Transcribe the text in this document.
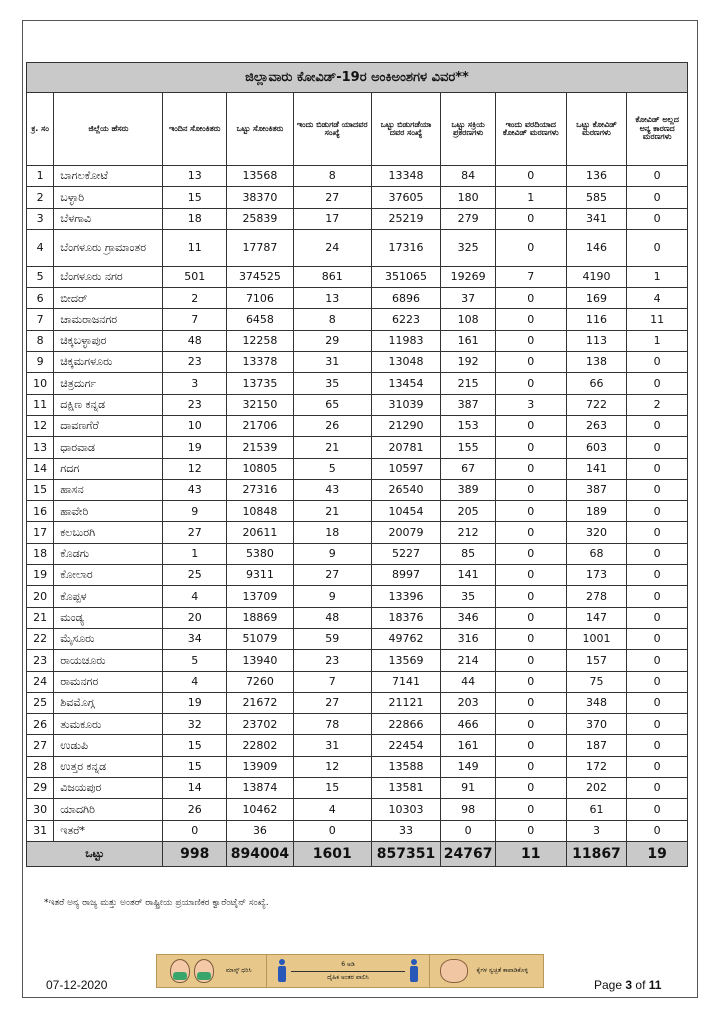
ಜಿಲ್ಲಾವಾರು ಕೋವಿಡ್-19ರ ಅಂಕಿಅಂಶಗಳ ವಿವರ**
ಕ್ರ. ಸಂ	ಜಿಲ್ಲೆಯ ಹೆಸರು	ಇಂದಿನ ಸೋಂಕಿತರು	ಒಟ್ಟು ಸೋಂಕಿತರು	ಇಂದು ಬಿಡುಗಡೆ ಯಾದವರ ಸಂಖ್ಯೆ	ಒಟ್ಟು ಬಿಡುಗಡೆಯಾ ದವರ ಸಂಖ್ಯೆ	ಒಟ್ಟು ಸಕ್ರಿಯ ಪ್ರಕರಣಗಳು	ಇಂದು ವರದಿಯಾದ ಕೋವಿಡ್ ಮರಣಗಳು	ಒಟ್ಟು ಕೋವಿಡ್ ಮರಣಗಳು	ಕೋವಿಡ್ ಅಲ್ಲದ ಅನ್ಯ ಕಾರಣದ ಮರಣಗಳು
1	ಬಾಗಲಕೋಟೆ	13	13568	8	13348	84	0	136	0
2	ಬಳ್ಳಾರಿ	15	38370	27	37605	180	1	585	0
3	ಬೆಳಗಾವಿ	18	25839	17	25219	279	0	341	0
4	ಬೆಂಗಳೂರು ಗ್ರಾಮಾಂತರ	11	17787	24	17316	325	0	146	0
5	ಬೆಂಗಳೂರು ನಗರ	501	374525	861	351065	19269	7	4190	1
6	ಬೀದರ್	2	7106	13	6896	37	0	169	4
7	ಚಾಮರಾಜನಗರ	7	6458	8	6223	108	0	116	11
8	ಚಿಕ್ಕಬಳ್ಳಾಪುರ	48	12258	29	11983	161	0	113	1
9	ಚಿಕ್ಕಮಗಳೂರು	23	13378	31	13048	192	0	138	0
10	ಚಿತ್ರದುರ್ಗ	3	13735	35	13454	215	0	66	0
11	ದಕ್ಷಿಣ ಕನ್ನಡ	23	32150	65	31039	387	3	722	2
12	ದಾವಣಗೆರೆ	10	21706	26	21290	153	0	263	0
13	ಧಾರವಾಡ	19	21539	21	20781	155	0	603	0
14	ಗದಗ	12	10805	5	10597	67	0	141	0
15	ಹಾಸನ	43	27316	43	26540	389	0	387	0
16	ಹಾವೇರಿ	9	10848	21	10454	205	0	189	0
17	ಕಲಬುರಗಿ	27	20611	18	20079	212	0	320	0
18	ಕೊಡಗು	1	5380	9	5227	85	0	68	0
19	ಕೋಲಾರ	25	9311	27	8997	141	0	173	0
20	ಕೊಪ್ಪಳ	4	13709	9	13396	35	0	278	0
21	ಮಂಡ್ಯ	20	18869	48	18376	346	0	147	0
22	ಮೈಸೂರು	34	51079	59	49762	316	0	1001	0
23	ರಾಯಚೂರು	5	13940	23	13569	214	0	157	0
24	ರಾಮನಗರ	4	7260	7	7141	44	0	75	0
25	ಶಿವಮೊಗ್ಗ	19	21672	27	21121	203	0	348	0
26	ತುಮಕೂರು	32	23702	78	22866	466	0	370	0
27	ಉಡುಪಿ	15	22802	31	22454	161	0	187	0
28	ಉತ್ತರ ಕನ್ನಡ	15	13909	12	13588	149	0	172	0
29	ವಿಜಯಪುರ	14	13874	15	13581	91	0	202	0
30	ಯಾದಗಿರಿ	26	10462	4	10303	98	0	61	0
31	ಇತರೆ*	0	36	0	33	0	0	3	0
ಒಟ್ಟು		998	894004	1601	857351	24767	11	11867	19
*ಇತರೆ ಅನ್ಯ ರಾಜ್ಯ ಮತ್ತು ಅಂತರ್ ರಾಷ್ಟ್ರೀಯ ಪ್ರಯಾಣಿಕರ ಕ್ವಾರೆಂಟೈನ್ ಸಂಖ್ಯೆ.
ಮಾಸ್ಕ್ ಧರಿಸಿ
6 ಅಡಿ
ದೈಹಿಕ ಅಂತರ ಪಾಲಿಸಿ
ಕೈಗಳ ಸ್ವಚ್ಛತೆ ಕಾಪಾಡಿಕೊಳ್ಳಿ
07-12-2020	Page 3 of 11
